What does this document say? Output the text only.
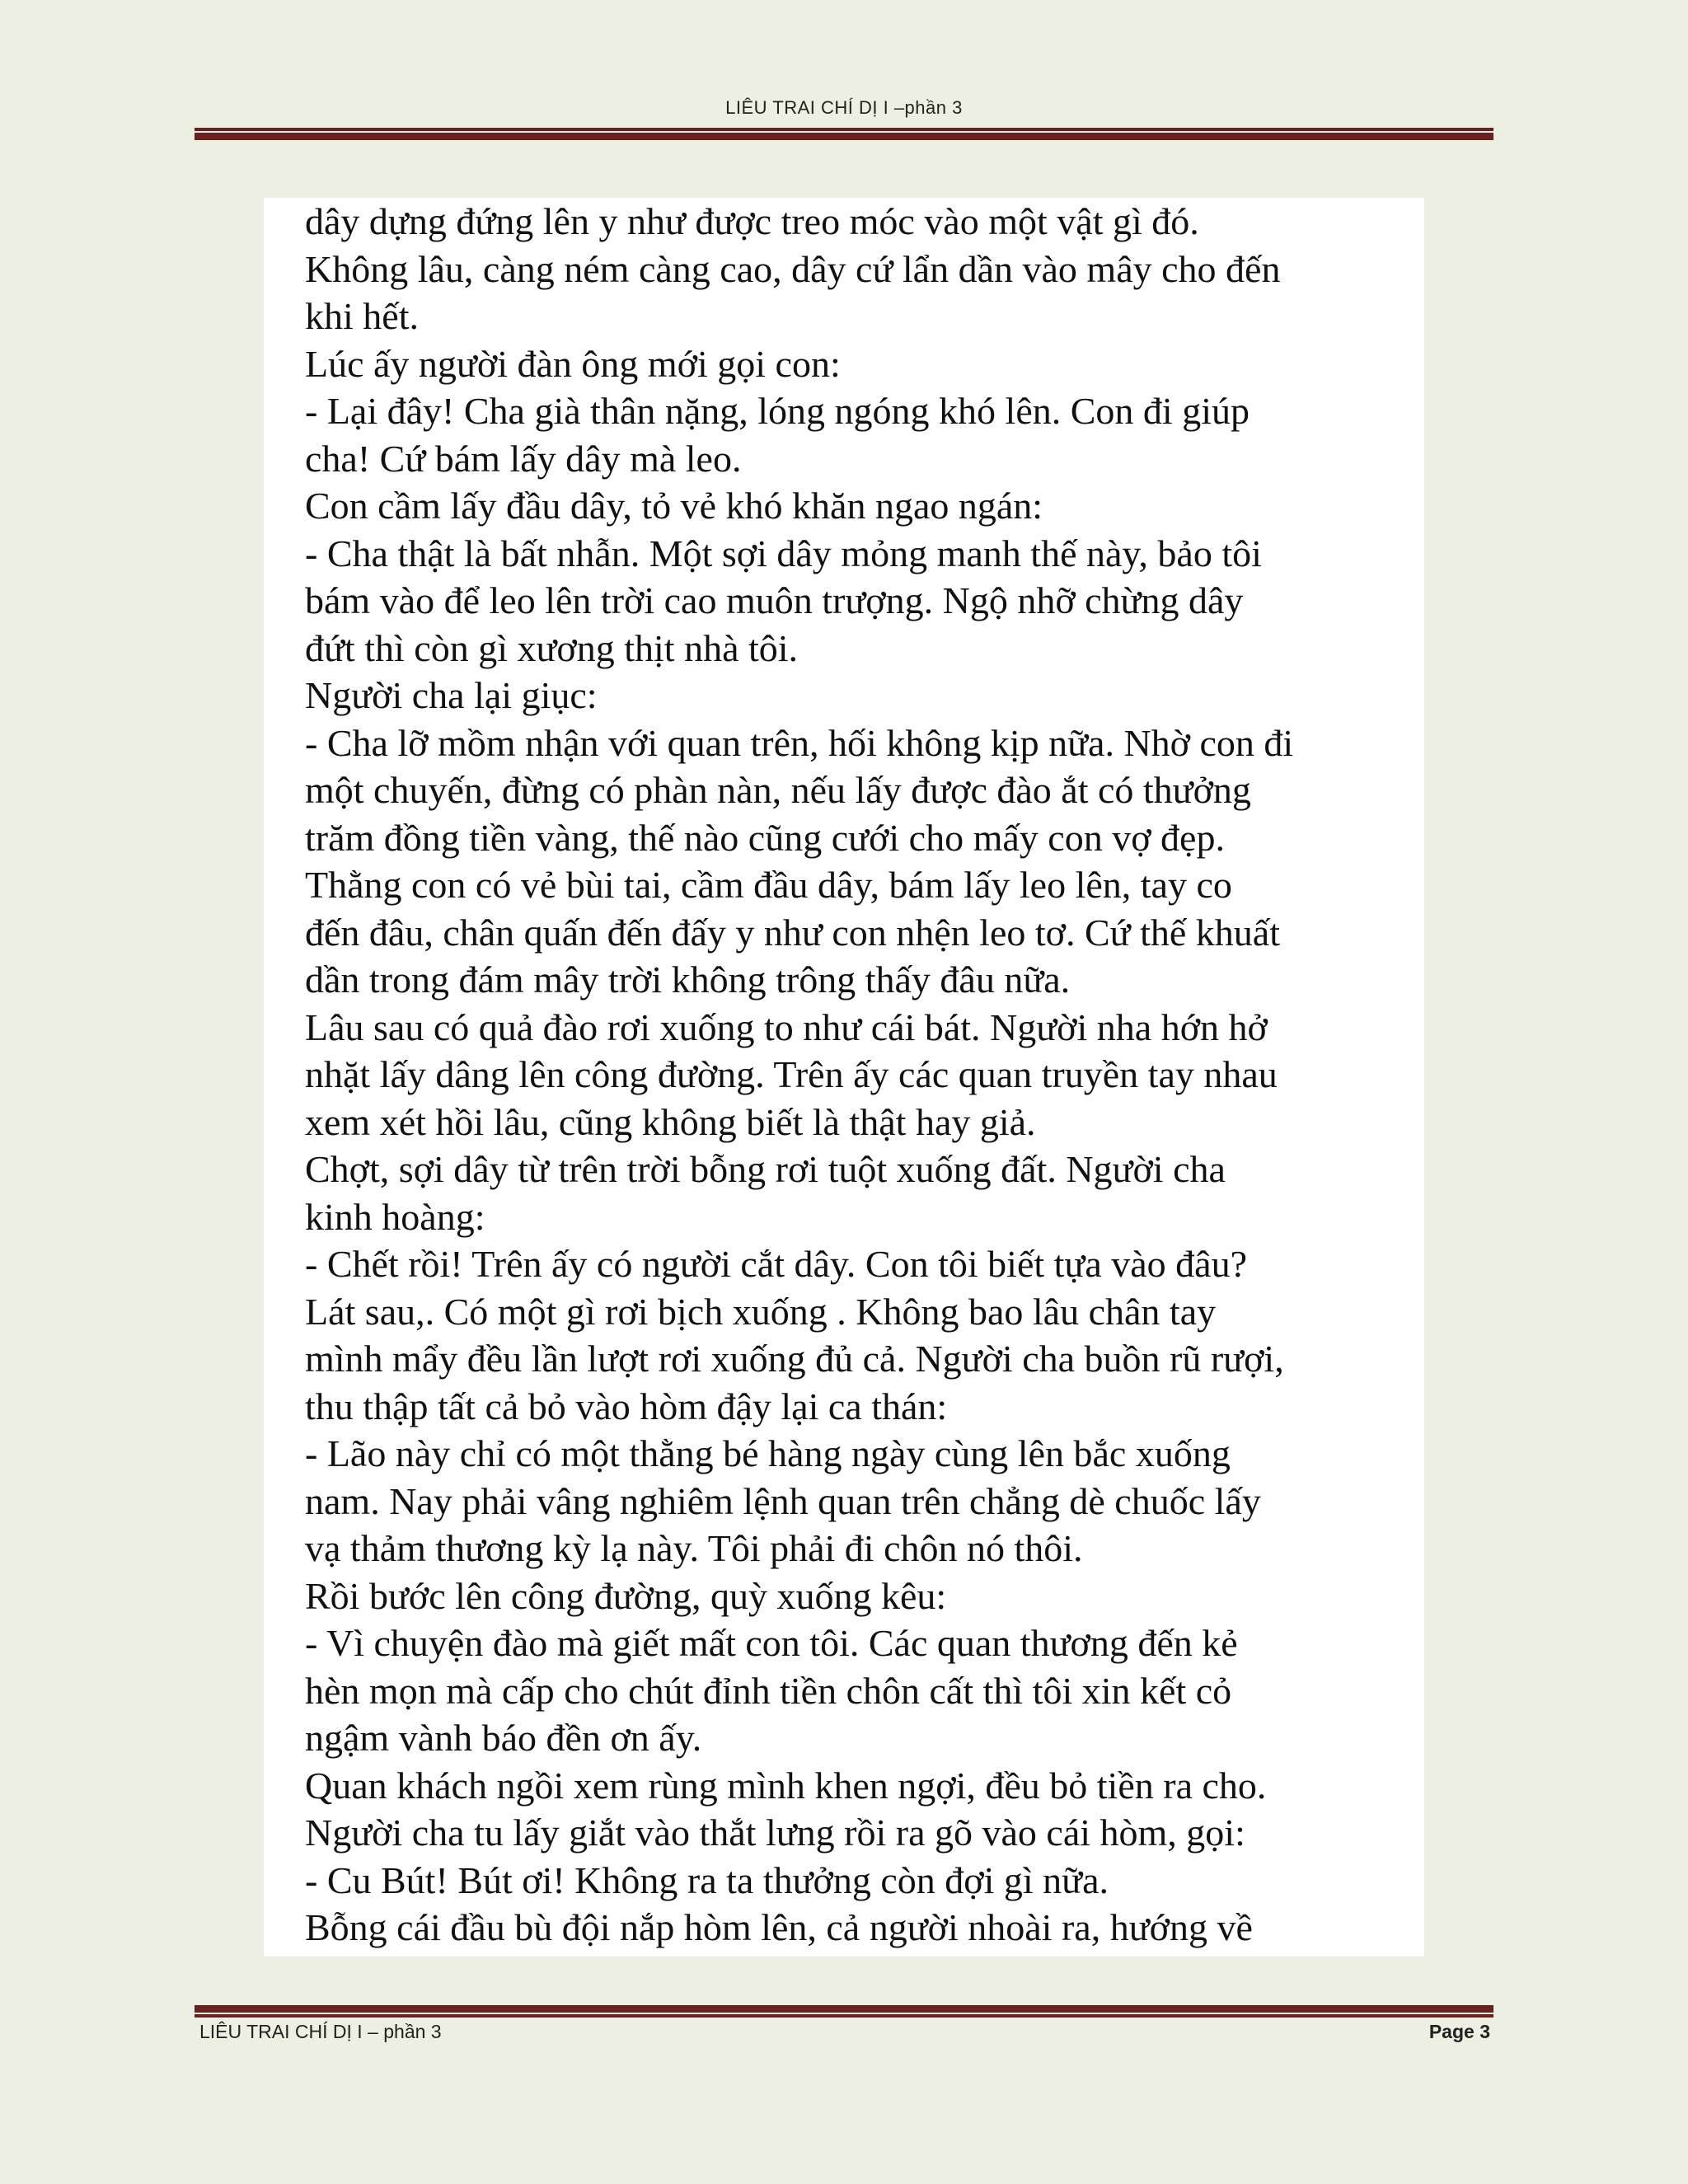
LIÊU TRAI CHÍ DỊ I –phần 3
dây dựng đứng lên y như được treo móc vào một vật gì đó.
Không lâu, càng ném càng cao, dây cứ lẩn dần vào mây cho đến
khi hết.
Lúc ấy người đàn ông mới gọi con:
- Lại đây! Cha già thân nặng, lóng ngóng khó lên. Con đi giúp
cha! Cứ bám lấy dây mà leo.
Con cầm lấy đầu dây, tỏ vẻ khó khăn ngao ngán:
- Cha thật là bất nhẫn. Một sợi dây mỏng manh thế này, bảo tôi
bám vào để leo lên trời cao muôn trượng. Ngộ nhỡ chừng dây
đứt thì còn gì xương thịt nhà tôi.
Người cha lại giục:
- Cha lỡ mồm nhận với quan trên, hối không kịp nữa. Nhờ con đi
một chuyến, đừng có phàn nàn, nếu lấy được đào ắt có thưởng
trăm đồng tiền vàng, thế nào cũng cưới cho mấy con vợ đẹp.
Thằng con có vẻ bùi tai, cầm đầu dây, bám lấy leo lên, tay co
đến đâu, chân quấn đến đấy y như con nhện leo tơ. Cứ thế khuất
dần trong đám mây trời không trông thấy đâu nữa.
Lâu sau có quả đào rơi xuống to như cái bát. Người nha hớn hở
nhặt lấy dâng lên công đường. Trên ấy các quan truyền tay nhau
xem xét hồi lâu, cũng không biết là thật hay giả.
Chợt, sợi dây từ trên trời bỗng rơi tuột xuống đất. Người cha
kinh hoàng:
- Chết rồi! Trên ấy có người cắt dây. Con tôi biết tựa vào đâu?
Lát sau,. Có một gì rơi bịch xuống . Không bao lâu chân tay
mình mẩy đều lần lượt rơi xuống đủ cả. Người cha buồn rũ rượi,
thu thập tất cả bỏ vào hòm đậy lại ca thán:
- Lão này chỉ có một thằng bé hàng ngày cùng lên bắc xuống
nam. Nay phải vâng nghiêm lệnh quan trên chẳng dè chuốc lấy
vạ thảm thương kỳ lạ này. Tôi phải đi chôn nó thôi.
Rồi bước lên công đường, quỳ xuống kêu:
- Vì chuyện đào mà giết mất con tôi. Các quan thương đến kẻ
hèn mọn mà cấp cho chút đỉnh tiền chôn cất thì tôi xin kết cỏ
ngậm vành báo đền ơn ấy.
Quan khách ngồi xem rùng mình khen ngợi, đều bỏ tiền ra cho.
Người cha tu lấy giắt vào thắt lưng rồi ra gõ vào cái hòm, gọi:
- Cu Bút! Bút ơi! Không ra ta thưởng còn đợi gì nữa.
Bỗng cái đầu bù đội nắp hòm lên, cả người nhoài ra, hướng về
LIÊU TRAI CHÍ DỊ I – phần 3	Page 3
